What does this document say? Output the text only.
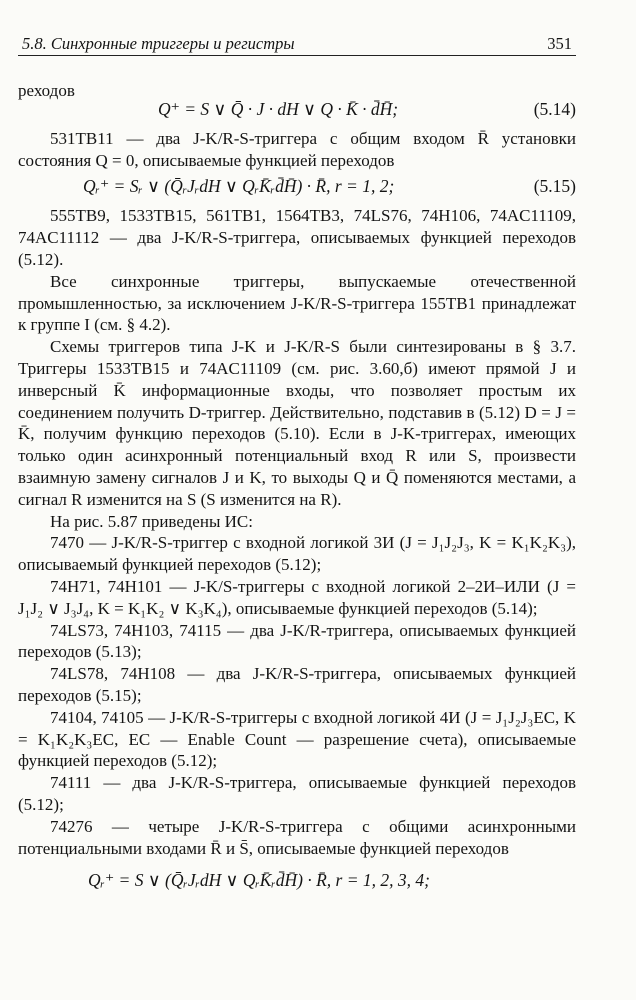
5.8. Синхронные триггеры и регистры	351

реходов

Q⁺ = S ∨ Q̄ · J · dH ∨ Q · K̄ · d̄H̄;	(5.14)

531ТВ11 — два J-K/R-S-триггера с общим входом R̄ установки состояния Q = 0, описываемые функцией переходов

Qᵣ⁺ = Sᵣ ∨ (Q̄ᵣJᵣdH ∨ QᵣK̄ᵣd̄H̄) · R̄, r = 1, 2;	(5.15)

555ТВ9, 1533ТВ15, 561ТВ1, 1564ТВ3, 74LS76, 74H106, 74AC11109, 74AC11112 — два J-K/R-S-триггера, описываемых функцией переходов (5.12).

Все синхронные триггеры, выпускаемые отечественной промышленностью, за исключением J-K/R-S-триггера 155ТВ1 принадлежат к группе I (см. § 4.2).

Схемы триггеров типа J-K и J-K/R-S были синтезированы в § 3.7. Триггеры 1533ТВ15 и 74AC11109 (см. рис. 3.60,б) имеют прямой J и инверсный K̄ информационные входы, что позволяет простым их соединением получить D-триггер. Действительно, подставив в (5.12) D = J = K̄, получим функцию переходов (5.10). Если в J-K-триггерах, имеющих только один асинхронный потенциальный вход R или S, произвести взаимную замену сигналов J и K, то выходы Q и Q̄ поменяются местами, а сигнал R изменится на S (S изменится на R).

На рис. 5.87 приведены ИС:

7470 — J-K/R-S-триггер с входной логикой 3И (J = J₁J₂J₃, K = K₁K₂K₃), описываемый функцией переходов (5.12);

74H71, 74H101 — J-K/S-триггеры с входной логикой 2–2И–ИЛИ (J = J₁J₂ ∨ J₃J₄, K = K₁K₂ ∨ K₃K₄), описываемые функцией переходов (5.14);

74LS73, 74H103, 74115 — два J-K/R-триггера, описываемых функцией переходов (5.13);

74LS78, 74H108 — два J-K/R-S-триггера, описываемых функцией переходов (5.15);

74104, 74105 — J-K/R-S-триггеры с входной логикой 4И (J = J₁J₂J₃EC, K = K₁K₂K₃EC, EC — Enable Count — разрешение счета), описываемые функцией переходов (5.12);

74111 — два J-K/R-S-триггера, описываемые функцией переходов (5.12);

74276 — четыре J-K/R-S-триггера с общими асинхронными потенциальными входами R̄ и S̄, описываемые функцией переходов

Qᵣ⁺ = S ∨ (Q̄ᵣJᵣdH ∨ QᵣK̄ᵣd̄H̄) · R̄, r = 1, 2, 3, 4;
